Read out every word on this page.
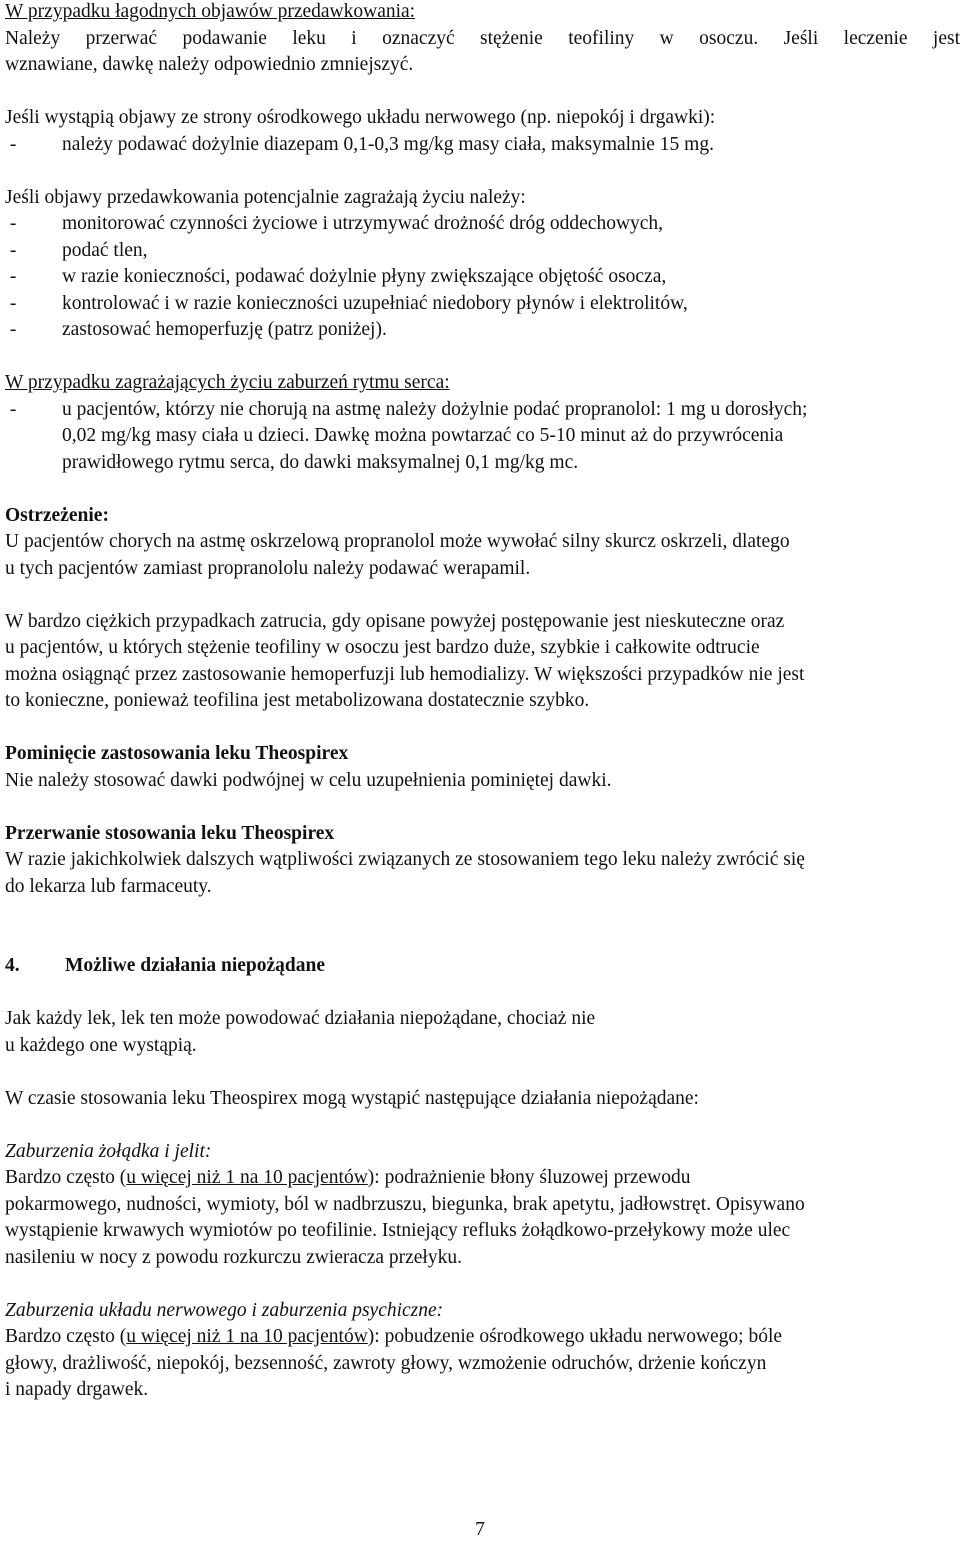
W przypadku łagodnych objawów przedawkowania:

Należy przerwać podawanie leku i oznaczyć stężenie teofiliny w osoczu. Jeśli leczenie jest

wznawiane, dawkę należy odpowiednio zmniejszyć.

Jeśli wystąpią objawy ze strony ośrodkowego układu nerwowego (np. niepokój i drgawki):

-	należy podawać dożylnie diazepam 0,1-0,3 mg/kg masy ciała, maksymalnie 15 mg.

Jeśli objawy przedawkowania potencjalnie zagrażają życiu należy:

-	monitorować czynności życiowe i utrzymywać drożność dróg oddechowych,
-	podać tlen,
-	w razie konieczności, podawać dożylnie płyny zwiększające objętość osocza,
-	kontrolować i w razie konieczności uzupełniać niedobory płynów i elektrolitów,
-	zastosować hemoperfuzję (patrz poniżej).

W przypadku zagrażających życiu zaburzeń rytmu serca:

-	u pacjentów, którzy nie chorują na astmę należy dożylnie podać propranolol: 1 mg u dorosłych;
0,02 mg/kg masy ciała u dzieci. Dawkę można powtarzać co 5-10 minut aż do przywrócenia
prawidłowego rytmu serca, do dawki maksymalnej 0,1 mg/kg mc.

Ostrzeżenie:

U pacjentów chorych na astmę oskrzelową propranolol może wywołać silny skurcz oskrzeli, dlatego

u tych pacjentów zamiast propranololu należy podawać werapamil.

W bardzo ciężkich przypadkach zatrucia, gdy opisane powyżej postępowanie jest nieskuteczne oraz

u pacjentów, u których stężenie teofiliny w osoczu jest bardzo duże, szybkie i całkowite odtrucie

można osiągnąć przez zastosowanie hemoperfuzji lub hemodializy. W większości przypadków nie jest

to konieczne, ponieważ teofilina jest metabolizowana dostatecznie szybko.

Pominięcie zastosowania leku Theospirex

Nie należy stosować dawki podwójnej w celu uzupełnienia pominiętej dawki.

Przerwanie stosowania leku Theospirex

W razie jakichkolwiek dalszych wątpliwości związanych ze stosowaniem tego leku należy zwrócić się

do lekarza lub farmaceuty.

4.	Możliwe działania niepożądane

Jak każdy lek, lek ten może powodować działania niepożądane, chociaż nie

u każdego one wystąpią.

W czasie stosowania leku Theospirex mogą wystąpić następujące działania niepożądane:

Zaburzenia żołądka i jelit:

Bardzo często (u więcej niż 1 na 10 pacjentów): podrażnienie błony śluzowej przewodu

pokarmowego, nudności, wymioty, ból w nadbrzuszu, biegunka, brak apetytu, jadłowstręt. Opisywano

wystąpienie krwawych wymiotów po teofilinie. Istniejący refluks żołądkowo-przełykowy może ulec

nasileniu w nocy z powodu rozkurczu zwieracza przełyku.

Zaburzenia układu nerwowego i zaburzenia psychiczne:

Bardzo często (u więcej niż 1 na 10 pacjentów): pobudzenie ośrodkowego układu nerwowego; bóle

głowy, drażliwość, niepokój, bezsenność, zawroty głowy, wzmożenie odruchów, drżenie kończyn

i napady drgawek.

7
